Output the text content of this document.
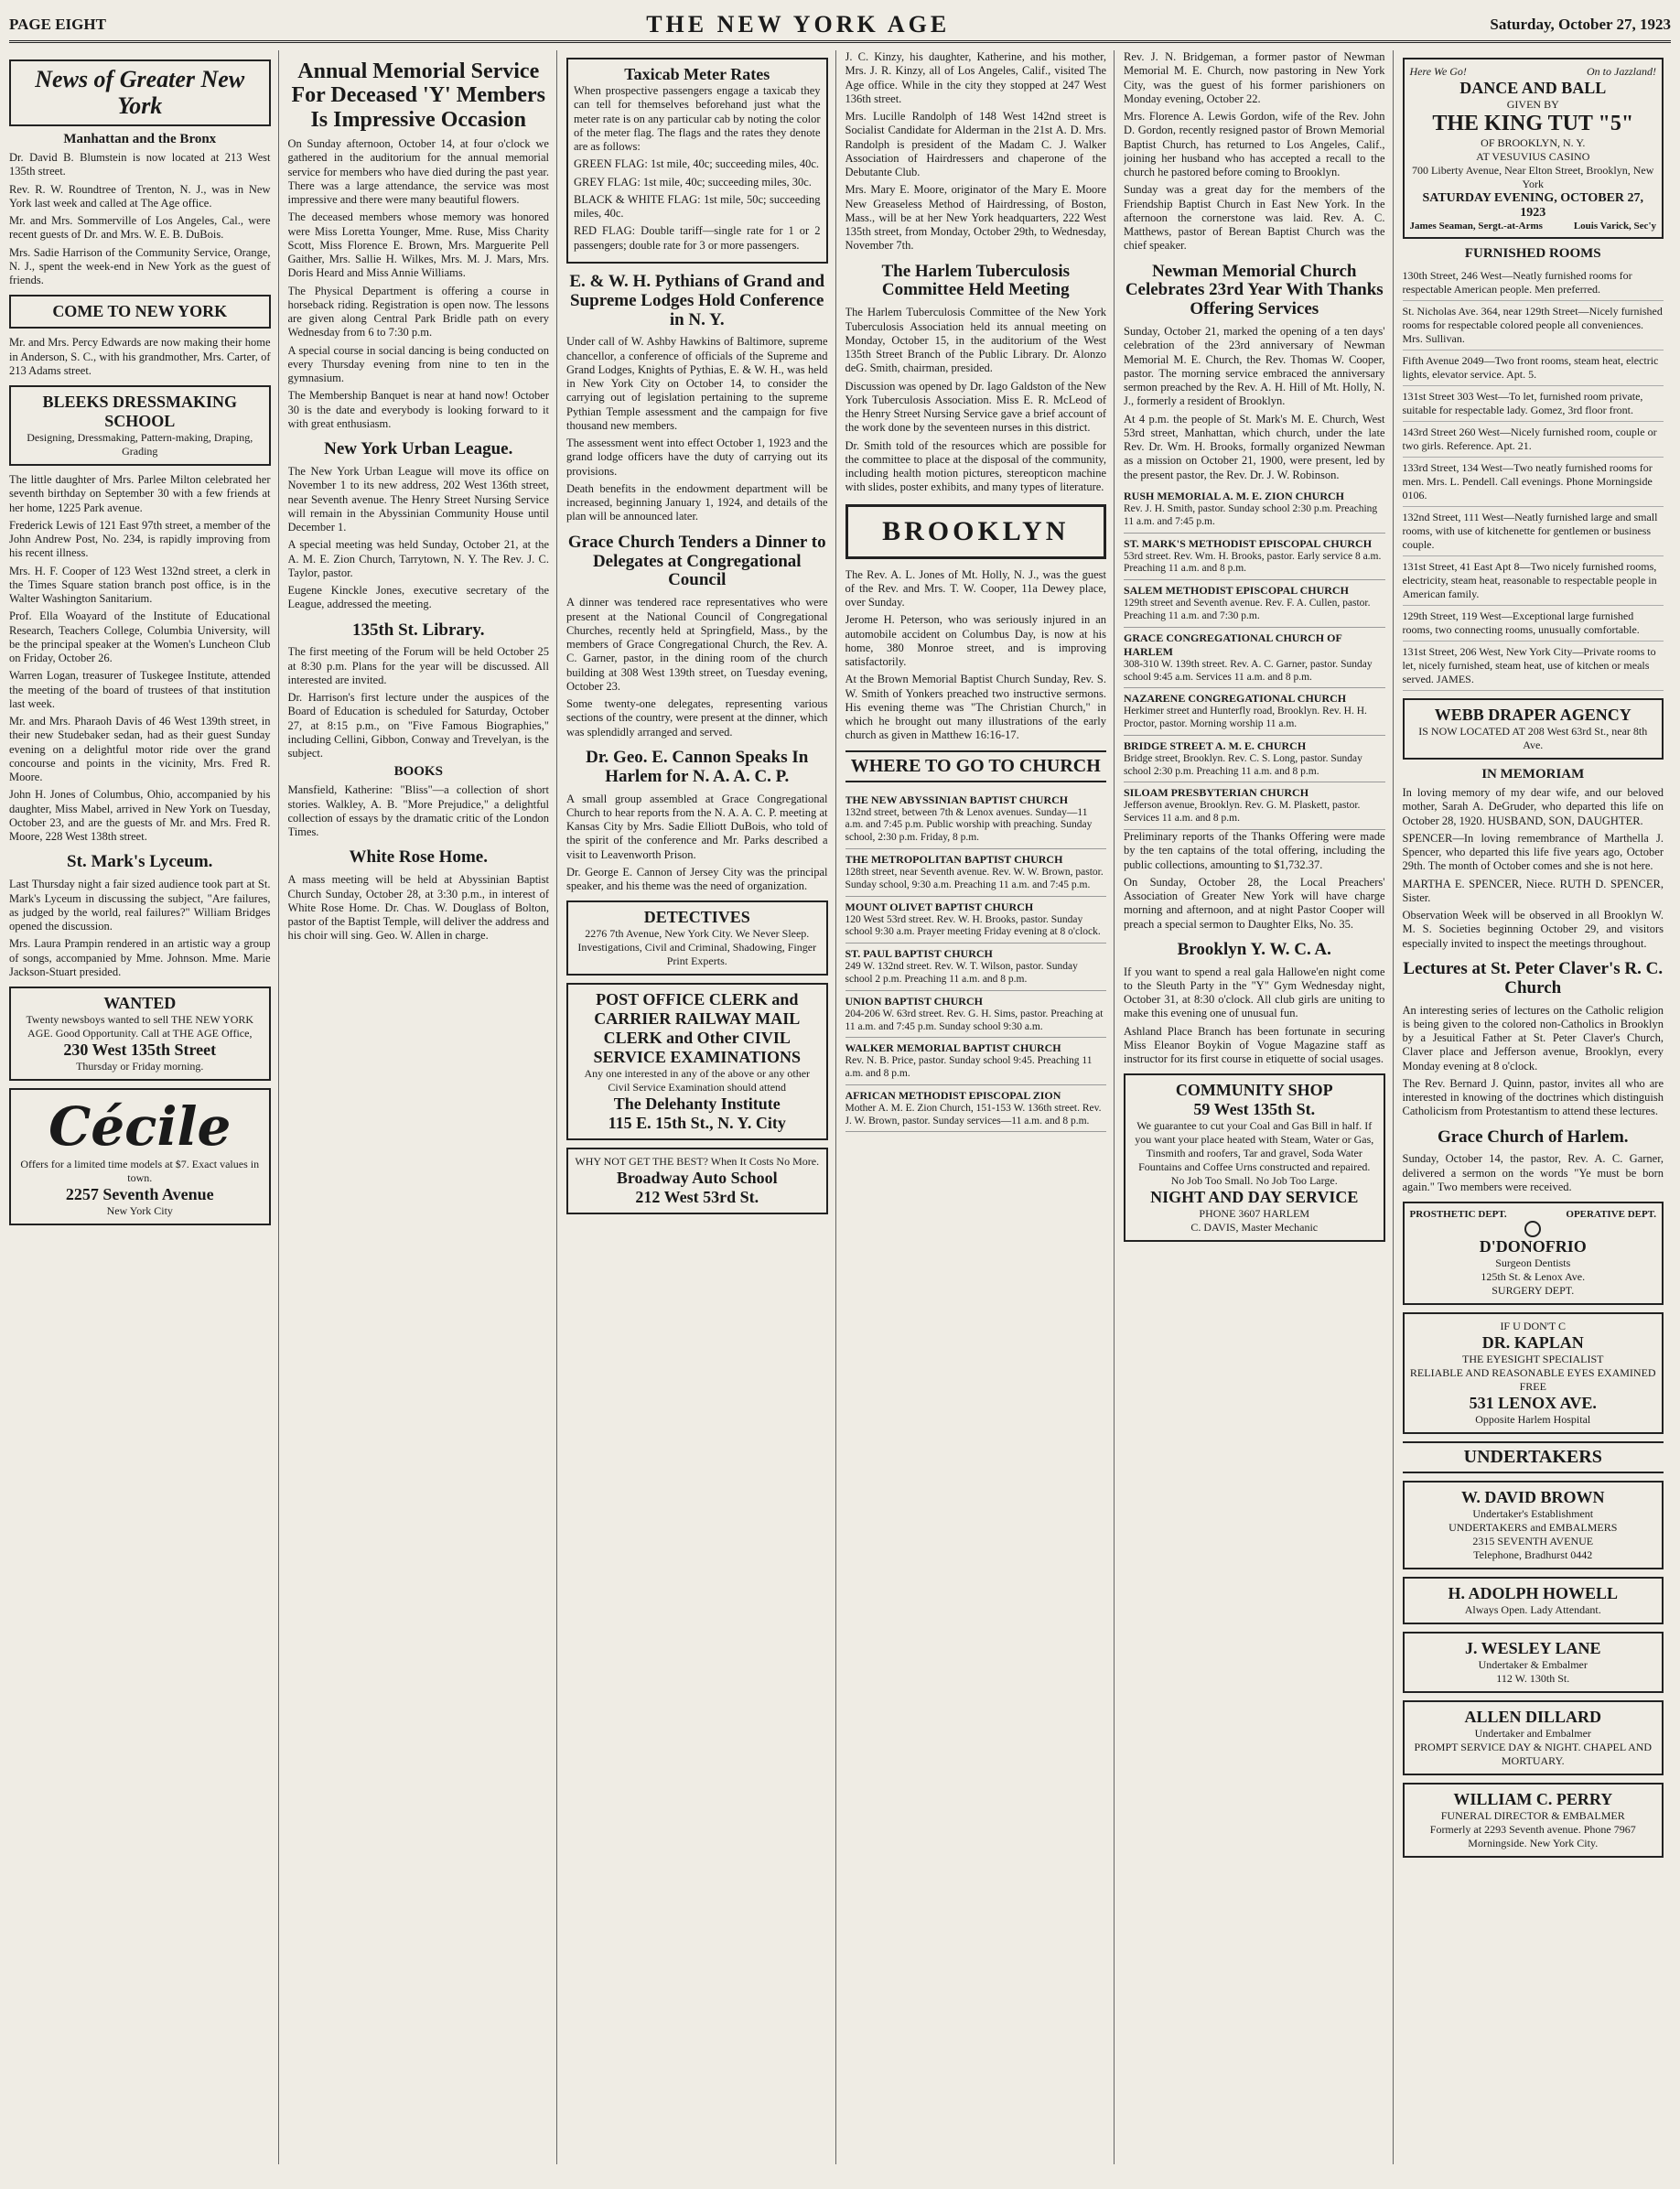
PAGE EIGHT	THE NEW YORK AGE	Saturday, October 27, 1923
News of Greater New York
Manhattan and the Bronx

Dr. David B. Blumstein is now located at 213 West 135th street.

Rev. R. W. Roundtree of Trenton, N. J., was in New York last week and called at The Age office.

Mr. and Mrs. Sommerville of Los Angeles, Cal., were recent guests of Dr. and Mrs. W. E. B. DuBois.

Mrs. Sadie Harrison of the Community Service, Orange, N. J., spent the week-end in New York as the guest of friends.

COME TO NEW YORK

Mr. and Mrs. Percy Edwards are now making their home in Anderson, S. C., with his grandmother, Mrs. Carter, of 213 Adams street.

BLEEKS DRESSMAKING SCHOOL
Designing, Dressmaking, Pattern-making, Draping, Grading

The little daughter of Mrs. Parlee Milton celebrated her seventh birthday on September 30 with a few friends at her home, 1225 Park avenue.

Frederick Lewis of 121 East 97th street, a member of the John Andrew Post, No. 234, is rapidly improving from his recent illness.

Mrs. H. F. Cooper of 123 West 132nd street, a clerk in the Times Square station branch post office, is in the Walter Washington Sanitarium.

Prof. Ella Woayard of the Institute of Educational Research, Teachers College, Columbia University, will be the principal speaker at the Women's Luncheon Club on Friday, October 26.

Warren Logan, treasurer of Tuskegee Institute, attended the meeting of the board of trustees of that institution last week.

Mr. and Mrs. Pharaoh Davis of 46 West 139th street, in their new Studebaker sedan, had as their guest Sunday evening on a delightful motor ride over the grand concourse and points in the vicinity, Mrs. Fred R. Moore.

John H. Jones of Columbus, Ohio, accompanied by his daughter, Miss Mabel, arrived in New York on Tuesday, October 23, and are the guests of Mr. and Mrs. Fred R. Moore, 228 West 138th street.

St. Mark's Lyceum.

Last Thursday night a fair sized audience took part at St. Mark's Lyceum in discussing the subject, "Are failures, as judged by the world, real failures?" William Bridges opened the discussion.

Mrs. Laura Prampin rendered in an artistic way a group of songs, accompanied by Mme. Johnson. Mme. Marie Jackson-Stuart presided.

WANTED
Twenty newsboys wanted to sell THE NEW YORK AGE. Good Opportunity. Call at THE AGE Office,
230 West 135th Street
Thursday or Friday morning.
Cécile
Offers for a limited time models at $7. Exact values in town.
2257 Seventh Avenue
New York City
Annual Memorial Service For Deceased 'Y' Members Is Impressive Occasion

On Sunday afternoon, October 14, at four o'clock we gathered in the auditorium for the annual memorial service for members who have died during the past year. There was a large attendance, the service was most impressive and there were many beautiful flowers.

The deceased members whose memory was honored were Miss Loretta Younger, Mme. Ruse, Miss Charity Scott, Miss Florence E. Brown, Mrs. Marguerite Pell Gaither, Mrs. Sallie H. Wilkes, Mrs. M. J. Mars, Mrs. Doris Heard and Miss Annie Williams.

The Physical Department is offering a course in horseback riding. Registration is open now. The lessons are given along Central Park Bridle path on every Wednesday from 6 to 7:30 p.m.

A special course in social dancing is being conducted on every Thursday evening from nine to ten in the gymnasium.

The Membership Banquet is near at hand now! October 30 is the date and everybody is looking forward to it with great enthusiasm.

New York Urban League.

The New York Urban League will move its office on November 1 to its new address, 202 West 136th street, near Seventh avenue. The Henry Street Nursing Service will remain in the Abyssinian Community House until December 1.

A special meeting was held Sunday, October 21, at the A. M. E. Zion Church, Tarrytown, N. Y. The Rev. J. C. Taylor, pastor.

Eugene Kinckle Jones, executive secretary of the League, addressed the meeting.

135th St. Library.

The first meeting of the Forum will be held October 25 at 8:30 p.m. Plans for the year will be discussed. All interested are invited.

Dr. Harrison's first lecture under the auspices of the Board of Education is scheduled for Saturday, October 27, at 8:15 p.m., on "Five Famous Biographies," including Cellini, Gibbon, Conway and Trevelyan, is the subject.

BOOKS

Mansfield, Katherine: "Bliss"—a collection of short stories. Walkley, A. B. "More Prejudice," a delightful collection of essays by the dramatic critic of the London Times.

White Rose Home.

A mass meeting will be held at Abyssinian Baptist Church Sunday, October 28, at 3:30 p.m., in interest of White Rose Home. Dr. Chas. W. Douglass of Bolton, pastor of the Baptist Temple, will deliver the address and his choir will sing. Geo. W. Allen in charge.

Taxicab Meter Rates

When prospective passengers engage a taxicab they can tell for themselves beforehand just what the meter rate is on any particular cab by noting the color of the meter flag. The flags and the rates they denote are as follows:

GREEN FLAG: 1st mile, 40c; succeeding miles, 40c.

GREY FLAG: 1st mile, 40c; succeeding miles, 30c.

BLACK & WHITE FLAG: 1st mile, 50c; succeeding miles, 40c.

RED FLAG: Double tariff—single rate for 1 or 2 passengers; double rate for 3 or more passengers.

E. & W. H. Pythians of Grand and Supreme Lodges Hold Conference in N. Y.

Under call of W. Ashby Hawkins of Baltimore, supreme chancellor, a conference of officials of the Supreme and Grand Lodges, Knights of Pythias, E. & W. H., was held in New York City on October 14, to consider the carrying out of legislation pertaining to the supreme Pythian Temple assessment and the campaign for five thousand new members.

The assessment went into effect October 1, 1923 and the grand lodge officers have the duty of carrying out its provisions.

Death benefits in the endowment department will be increased, beginning January 1, 1924, and details of the plan will be announced later.

Grace Church Tenders a Dinner to Delegates at Congregational Council

A dinner was tendered race representatives who were present at the National Council of Congregational Churches, recently held at Springfield, Mass., by the members of Grace Congregational Church, the Rev. A. C. Garner, pastor, in the dining room of the church building at 308 West 139th street, on Tuesday evening, October 23.

Some twenty-one delegates, representing various sections of the country, were present at the dinner, which was splendidly arranged and served.

Dr. Geo. E. Cannon Speaks In Harlem for N. A. A. C. P.

A small group assembled at Grace Congregational Church to hear reports from the N. A. A. C. P. meeting at Kansas City by Mrs. Sadie Elliott DuBois, who told of the spirit of the conference and Mr. Parks described a visit to Leavenworth Prison.

Dr. George E. Cannon of Jersey City was the principal speaker, and his theme was the need of organization.

DETECTIVES
2276 7th Avenue, New York City. We Never Sleep. Investigations, Civil and Criminal, Shadowing, Finger Print Experts.
POST OFFICE CLERK and CARRIER RAILWAY MAIL CLERK and Other CIVIL SERVICE EXAMINATIONS
Any one interested in any of the above or any other Civil Service Examination should attend
The Delehanty Institute
115 E. 15th St., N. Y. City
WHY NOT GET THE BEST? When It Costs No More.
Broadway Auto School
212 West 53rd St.

J. C. Kinzy, his daughter, Katherine, and his mother, Mrs. J. R. Kinzy, all of Los Angeles, Calif., visited The Age office. While in the city they stopped at 247 West 136th street.

Mrs. Lucille Randolph of 148 West 142nd street is Socialist Candidate for Alderman in the 21st A. D. Mrs. Randolph is president of the Madam C. J. Walker Association of Hairdressers and chaperone of the Debutante Club.

Mrs. Mary E. Moore, originator of the Mary E. Moore New Greaseless Method of Hairdressing, of Boston, Mass., will be at her New York headquarters, 222 West 135th street, from Monday, October 29th, to Wednesday, November 7th.

The Harlem Tuberculosis Committee Held Meeting

The Harlem Tuberculosis Committee of the New York Tuberculosis Association held its annual meeting on Monday, October 15, in the auditorium of the West 135th Street Branch of the Public Library. Dr. Alonzo deG. Smith, chairman, presided.

Discussion was opened by Dr. Iago Galdston of the New York Tuberculosis Association. Miss E. R. McLeod of the Henry Street Nursing Service gave a brief account of the work done by the seventeen nurses in this district.

Dr. Smith told of the resources which are possible for the committee to place at the disposal of the community, including health motion pictures, stereopticon machine with slides, poster exhibits, and many types of literature.

BROOKLYN

The Rev. A. L. Jones of Mt. Holly, N. J., was the guest of the Rev. and Mrs. T. W. Cooper, 11a Dewey place, over Sunday.

Jerome H. Peterson, who was seriously injured in an automobile accident on Columbus Day, is now at his home, 380 Monroe street, and is improving satisfactorily.

At the Brown Memorial Baptist Church Sunday, Rev. S. W. Smith of Yonkers preached two instructive sermons. His evening theme was "The Christian Church," in which he brought out many illustrations of the early church as given in Matthew 16:16-17.

WHERE TO GO TO CHURCH
THE NEW ABYSSINIAN BAPTIST CHURCH
132nd street, between 7th & Lenox avenues. Sunday—11 a.m. and 7:45 p.m. Public worship with preaching. Sunday school, 2:30 p.m. Friday, 8 p.m.
THE METROPOLITAN BAPTIST CHURCH
128th street, near Seventh avenue. Rev. W. W. Brown, pastor. Sunday school, 9:30 a.m. Preaching 11 a.m. and 7:45 p.m.
MOUNT OLIVET BAPTIST CHURCH
120 West 53rd street. Rev. W. H. Brooks, pastor. Sunday school 9:30 a.m. Prayer meeting Friday evening at 8 o'clock.
ST. PAUL BAPTIST CHURCH
249 W. 132nd street. Rev. W. T. Wilson, pastor. Sunday school 2 p.m. Preaching 11 a.m. and 8 p.m.
UNION BAPTIST CHURCH
204-206 W. 63rd street. Rev. G. H. Sims, pastor. Preaching at 11 a.m. and 7:45 p.m. Sunday school 9:30 a.m.
WALKER MEMORIAL BAPTIST CHURCH
Rev. N. B. Price, pastor. Sunday school 9:45. Preaching 11 a.m. and 8 p.m.
AFRICAN METHODIST EPISCOPAL ZION
Mother A. M. E. Zion Church, 151-153 W. 136th street. Rev. J. W. Brown, pastor. Sunday services—11 a.m. and 8 p.m.

Rev. J. N. Bridgeman, a former pastor of Newman Memorial M. E. Church, now pastoring in New York City, was the guest of his former parishioners on Monday evening, October 22.

Mrs. Florence A. Lewis Gordon, wife of the Rev. John D. Gordon, recently resigned pastor of Brown Memorial Baptist Church, has returned to Los Angeles, Calif., joining her husband who has accepted a recall to the church he pastored before coming to Brooklyn.

Sunday was a great day for the members of the Friendship Baptist Church in East New York. In the afternoon the cornerstone was laid. Rev. A. C. Matthews, pastor of Berean Baptist Church was the chief speaker.

Newman Memorial Church Celebrates 23rd Year With Thanks Offering Services

Sunday, October 21, marked the opening of a ten days' celebration of the 23rd anniversary of Newman Memorial M. E. Church, the Rev. Thomas W. Cooper, pastor. The morning service embraced the anniversary sermon preached by the Rev. A. H. Hill of Mt. Holly, N. J., formerly a resident of Brooklyn.

At 4 p.m. the people of St. Mark's M. E. Church, West 53rd street, Manhattan, which church, under the late Rev. Dr. Wm. H. Brooks, formally organized Newman as a mission on October 21, 1900, were present, led by the present pastor, the Rev. Dr. J. W. Robinson.

RUSH MEMORIAL A. M. E. ZION CHURCH
Rev. J. H. Smith, pastor. Sunday school 2:30 p.m. Preaching 11 a.m. and 7:45 p.m.
ST. MARK'S METHODIST EPISCOPAL CHURCH
53rd street. Rev. Wm. H. Brooks, pastor. Early service 8 a.m. Preaching 11 a.m. and 8 p.m.
SALEM METHODIST EPISCOPAL CHURCH
129th street and Seventh avenue. Rev. F. A. Cullen, pastor. Preaching 11 a.m. and 7:30 p.m.
GRACE CONGREGATIONAL CHURCH OF HARLEM
308-310 W. 139th street. Rev. A. C. Garner, pastor. Sunday school 9:45 a.m. Services 11 a.m. and 8 p.m.
NAZARENE CONGREGATIONAL CHURCH
Herkimer street and Hunterfly road, Brooklyn. Rev. H. H. Proctor, pastor. Morning worship 11 a.m.
BRIDGE STREET A. M. E. CHURCH
Bridge street, Brooklyn. Rev. C. S. Long, pastor. Sunday school 2:30 p.m. Preaching 11 a.m. and 8 p.m.
SILOAM PRESBYTERIAN CHURCH
Jefferson avenue, Brooklyn. Rev. G. M. Plaskett, pastor. Services 11 a.m. and 8 p.m.

Preliminary reports of the Thanks Offering were made by the ten captains of the total offering, including the public collections, amounting to $1,732.37.

On Sunday, October 28, the Local Preachers' Association of Greater New York will have charge morning and afternoon, and at night Pastor Cooper will preach a special sermon to Daughter Elks, No. 35.

Brooklyn Y. W. C. A.

If you want to spend a real gala Hallowe'en night come to the Sleuth Party in the "Y" Gym Wednesday night, October 31, at 8:30 o'clock. All club girls are uniting to make this evening one of unusual fun.

Ashland Place Branch has been fortunate in securing Miss Eleanor Boykin of Vogue Magazine staff as instructor for its first course in etiquette of social usages.

COMMUNITY SHOP
59 West 135th St.
We guarantee to cut your Coal and Gas Bill in half. If you want your place heated with Steam, Water or Gas, Tinsmith and roofers, Tar and gravel, Soda Water Fountains and Coffee Urns constructed and repaired. No Job Too Small. No Job Too Large.
NIGHT AND DAY SERVICE
PHONE 3607 HARLEM
C. DAVIS, Master Mechanic
Here We Go!	On to Jazzland!
DANCE AND BALL
GIVEN BY
THE KING TUT "5"
OF BROOKLYN, N. Y.
AT VESUVIUS CASINO
700 Liberty Avenue, Near Elton Street, Brooklyn, New York
SATURDAY EVENING, OCTOBER 27, 1923
James Seaman, Sergt.-at-Arms	Louis Varick, Sec'y
FURNISHED ROOMS
130th Street, 246 West—Neatly furnished rooms for respectable American people. Men preferred.
St. Nicholas Ave. 364, near 129th Street—Nicely furnished rooms for respectable colored people all conveniences. Mrs. Sullivan.
Fifth Avenue 2049—Two front rooms, steam heat, electric lights, elevator service. Apt. 5.
131st Street 303 West—To let, furnished room private, suitable for respectable lady. Gomez, 3rd floor front.
143rd Street 260 West—Nicely furnished room, couple or two girls. Reference. Apt. 21.
133rd Street, 134 West—Two neatly furnished rooms for men. Mrs. L. Pendell. Call evenings. Phone Morningside 0106.
132nd Street, 111 West—Neatly furnished large and small rooms, with use of kitchenette for gentlemen or business couple.
131st Street, 41 East Apt 8—Two nicely furnished rooms, electricity, steam heat, reasonable to respectable people in American family.
129th Street, 119 West—Exceptional large furnished rooms, two connecting rooms, unusually comfortable.
131st Street, 206 West, New York City—Private rooms to let, nicely furnished, steam heat, use of kitchen or meals served. JAMES.
WEBB DRAPER AGENCY
IS NOW LOCATED AT 208 West 63rd St., near 8th Ave.
IN MEMORIAM

In loving memory of my dear wife, and our beloved mother, Sarah A. DeGruder, who departed this life on October 28, 1920. HUSBAND, SON, DAUGHTER.

SPENCER—In loving remembrance of Marthella J. Spencer, who departed this life five years ago, October 29th. The month of October comes and she is not here.

MARTHA E. SPENCER, Niece. RUTH D. SPENCER, Sister.

Observation Week will be observed in all Brooklyn W. M. S. Societies beginning October 29, and visitors especially invited to inspect the meetings throughout.

Lectures at St. Peter Claver's R. C. Church

An interesting series of lectures on the Catholic religion is being given to the colored non-Catholics in Brooklyn by a Jesuitical Father at St. Peter Claver's Church, Claver place and Jefferson avenue, Brooklyn, every Monday evening at 8 o'clock.

The Rev. Bernard J. Quinn, pastor, invites all who are interested in knowing of the doctrines which distinguish Catholicism from Protestantism to attend these lectures.

Grace Church of Harlem.

Sunday, October 14, the pastor, Rev. A. C. Garner, delivered a sermon on the words "Ye must be born again." Two members were received.

PROSTHETIC DEPT.	OPERATIVE DEPT.
D'DONOFRIO
Surgeon Dentists
125th St. & Lenox Ave.
SURGERY DEPT.
IF U DON'T C
DR. KAPLAN
THE EYESIGHT SPECIALIST
RELIABLE AND REASONABLE EYES EXAMINED FREE
531 LENOX AVE.
Opposite Harlem Hospital
UNDERTAKERS
W. DAVID BROWN
Undertaker's Establishment
UNDERTAKERS and EMBALMERS
2315 SEVENTH AVENUE
Telephone, Bradhurst 0442
H. ADOLPH HOWELL
Always Open. Lady Attendant.
J. WESLEY LANE
Undertaker & Embalmer
112 W. 130th St.
ALLEN DILLARD
Undertaker and Embalmer
PROMPT SERVICE DAY & NIGHT. CHAPEL AND MORTUARY.
WILLIAM C. PERRY
FUNERAL DIRECTOR & EMBALMER
Formerly at 2293 Seventh avenue. Phone 7967 Morningside. New York City.
